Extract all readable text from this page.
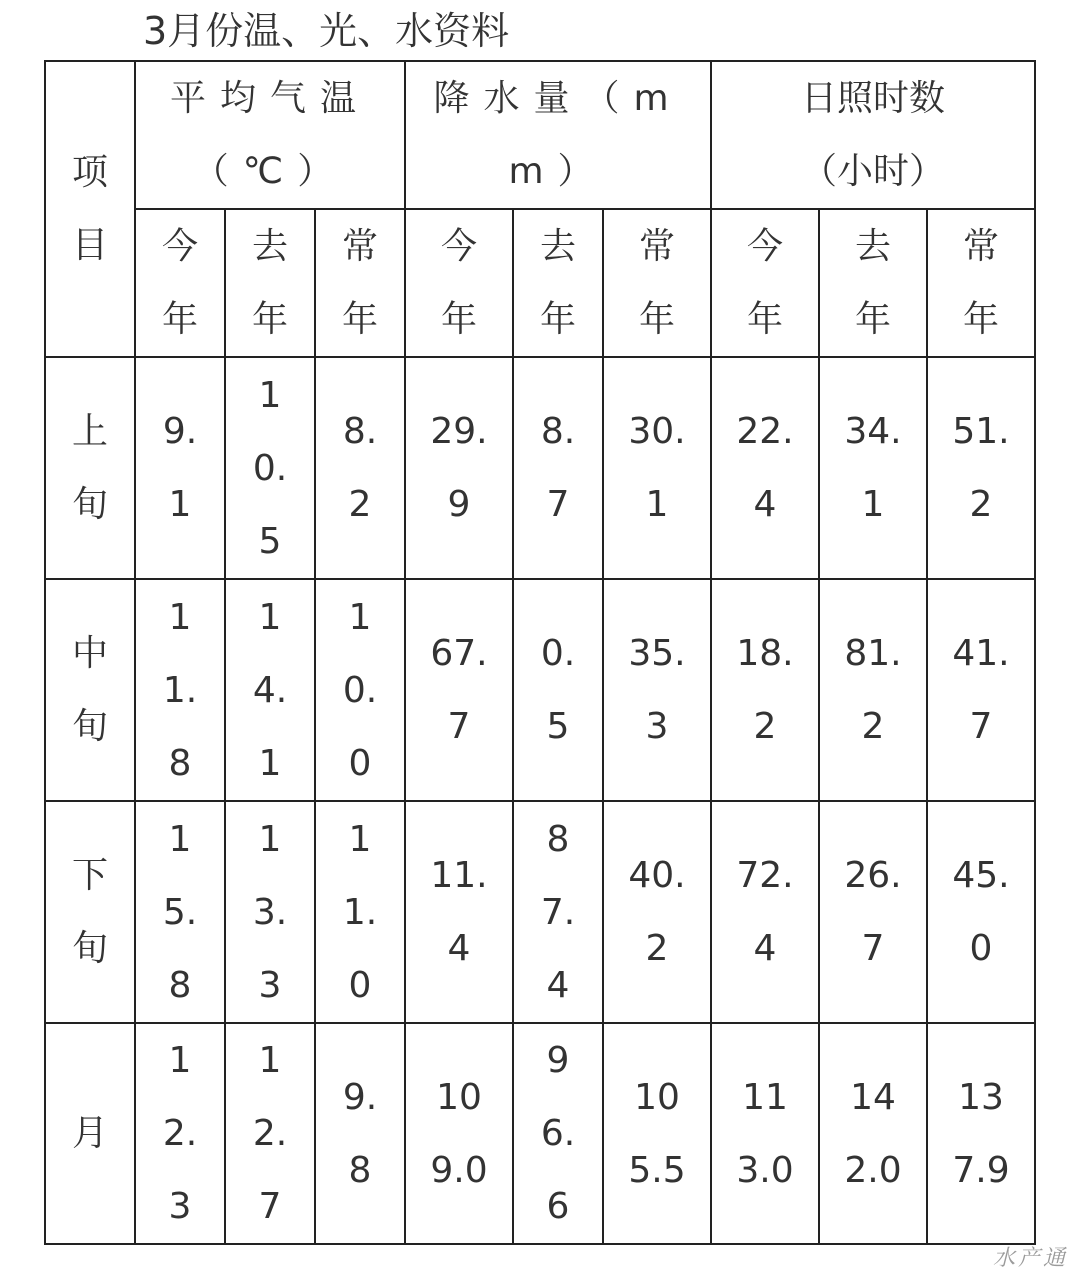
3月份温、光、水资料
项目	平均气温（℃）			降水量（mm）			日照时数（小时）		

	今年	去年	常年	今年	去年	常年	今年	去年	常年

上旬	9.1	10.5	8.2	29.9	8.7	30.1	22.4	34.1	51.2

中旬	11.8	14.1	10.0	67.7	0.5	35.3	18.2	81.2	41.7

下旬	15.8	13.3	11.0	11.4	87.4	40.2	72.4	26.7	45.0

月	12.3	12.7	9.8	109.0	96.6	105.5	113.0	142.0	137.9
水产通
